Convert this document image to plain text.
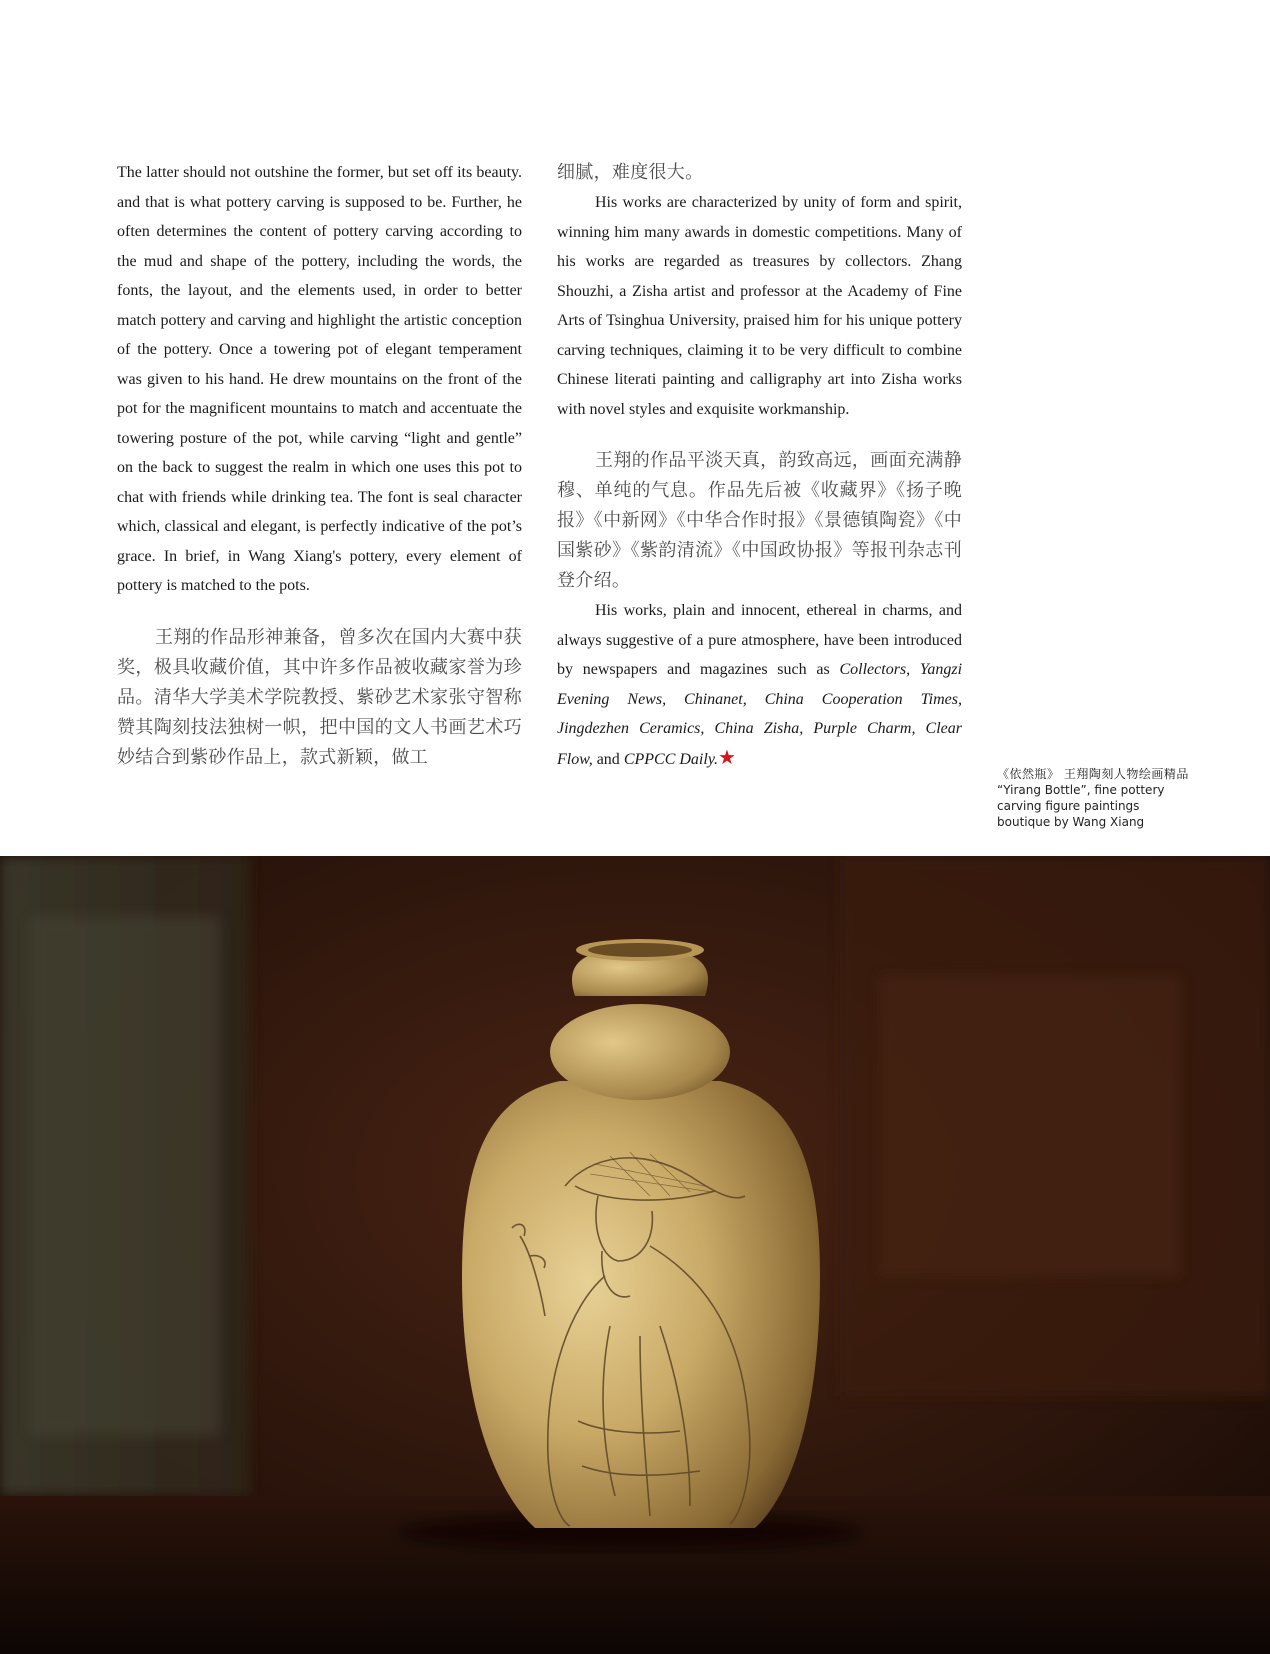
The latter should not outshine the former, but set off its beauty. and that is what pottery carving is supposed to be. Further, he often determines the content of pottery carving according to the mud and shape of the pottery, including the words, the fonts, the layout, and the elements used, in order to better match pottery and carving and highlight the artistic conception of the pottery. Once a towering pot of elegant temperament was given to his hand. He drew mountains on the front of the pot for the magnificent mountains to match and accentuate the towering posture of the pot, while carving “light and gentle” on the back to suggest the realm in which one uses this pot to chat with friends while drinking tea. The font is seal character which, classical and elegant, is perfectly indicative of the pot’s grace. In brief, in Wang Xiang's pottery, every element of pottery is matched to the pots.

王翔的作品形神兼备，曾多次在国内大赛中获奖，极具收藏价值，其中许多作品被收藏家誉为珍品。清华大学美术学院教授、紫砂艺术家张守智称赞其陶刻技法独树一帜，把中国的文人书画艺术巧妙结合到紫砂作品上，款式新颖，做工

细腻，难度很大。

His works are characterized by unity of form and spirit, winning him many awards in domestic competitions. Many of his works are regarded as treasures by collectors. Zhang Shouzhi, a Zisha artist and professor at the Academy of Fine Arts of Tsinghua University, praised him for his unique pottery carving techniques, claiming it to be very difficult to combine Chinese literati painting and calligraphy art into Zisha works with novel styles and exquisite workmanship.

王翔的作品平淡天真，韵致高远，画面充满静穆、单纯的气息。作品先后被《收藏界》《扬子晚报》《中新网》《中华合作时报》《景德镇陶瓷》《中国紫砂》《紫韵清流》《中国政协报》等报刊杂志刊登介绍。

His works, plain and innocent, ethereal in charms, and always suggestive of a pure atmosphere, have been introduced by newspapers and magazines such as Collectors, Yangzi Evening News, Chinanet, China Cooperation Times, Jingdezhen Ceramics, China Zisha, Purple Charm, Clear Flow, and CPPCC Daily.★

《依然瓶》 王翔陶刻人物绘画精品
“Yirang Bottle”, fine pottery carving figure paintings boutique by Wang Xiang
